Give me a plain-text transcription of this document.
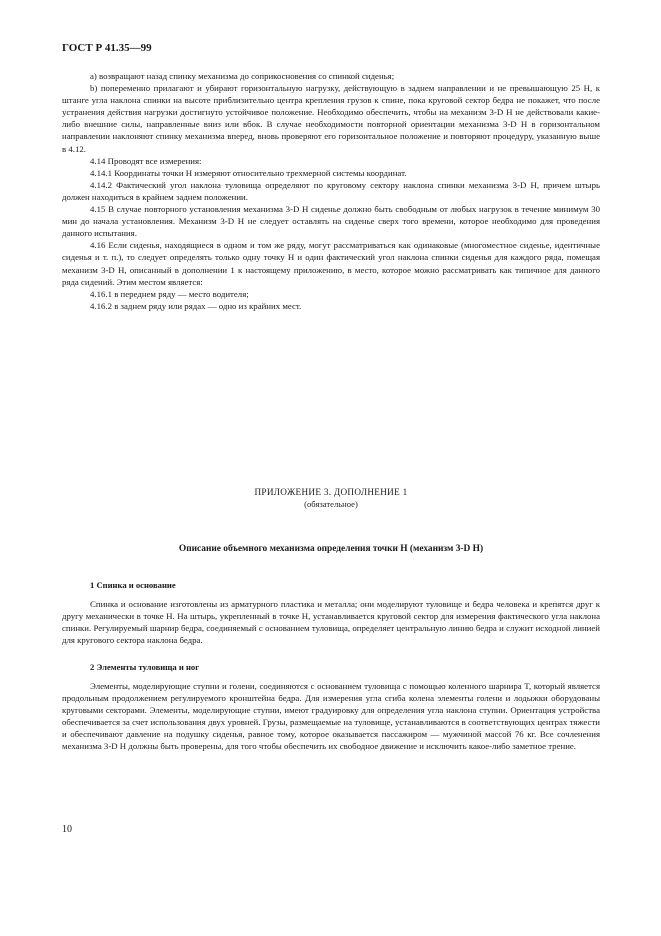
ГОСТ Р 41.35—99

а) возвращают назад спинку механизма до соприкосновения со спинкой сиденья;

b) попеременно прилагают и убирают горизонтальную нагрузку, действующую в заднем направлении и не превышающую 25 Н, к штанге угла наклона спинки на высоте приблизительно центра крепления грузов к спине, пока круговой сектор бедра не покажет, что после устранения действия нагрузки достигнуто устойчивое положение. Необходимо обеспечить, чтобы на механизм 3-D H не действовали какие-либо внешние силы, направленные вниз или вбок. В случае необходимости повторной ориентации механизма 3-D H в горизонтальном направлении наклоняют спинку механизма вперед, вновь проверяют его горизонтальное положение и повторяют процедуру, указанную выше в 4.12.

4.14 Проводят все измерения:

4.14.1 Координаты точки H измеряют относительно трехмерной системы координат.

4.14.2 Фактический угол наклона туловища определяют по круговому сектору наклона спинки механизма 3-D H, причем штырь должен находиться в крайнем заднем положении.

4.15 В случае повторного установления механизма 3-D H сиденье должно быть свободным от любых нагрузок в течение минимум 30 мин до начала установления. Механизм 3-D H не следует оставлять на сиденье сверх того времени, которое необходимо для проведения данного испытания.

4.16 Если сиденья, находящиеся в одном и том же ряду, могут рассматриваться как одинаковые (многоместное сиденье, идентичные сиденья и т. п.), то следует определять только одну точку H и один фактический угол наклона спинки сиденья для каждого ряда, помещая механизм 3-D H, описанный в дополнении 1 к настоящему приложению, в место, которое можно рассматривать как типичное для данного ряда сидений. Этим местом является:

4.16.1 в переднем ряду — место водителя;

4.16.2 в заднем ряду или рядах — одно из крайних мест.

ПРИЛОЖЕНИЕ 3. ДОПОЛНЕНИЕ 1
(обязательное)
Описание объемного механизма определения точки H (механизм 3-D H)
1 Спинка и основание

Спинка и основание изготовлены из арматурного пластика и металла; они моделируют туловище и бедра человека и крепятся друг к другу механически в точке H. На штырь, укрепленный в точке H, устанавливается круговой сектор для измерения фактического угла наклона спинки. Регулируемый шарнир бедра, соединяемый с основанием туловища, определяет центральную линию бедра и служит исходной линией для кругового сектора наклона бедра.

2 Элементы туловища и ног

Элементы, моделирующие ступни и голени, соединяются с основанием туловища с помощью коленного шарнира T, который является продольным продолжением регулируемого кронштейна бедра. Для измерения угла сгиба колена элементы голени и лодыжки оборудованы круговыми секторами. Элементы, моделирующие ступни, имеют градуировку для определения угла наклона ступни. Ориентация устройства обеспечивается за счет использования двух уровней. Грузы, размещаемые на туловище, устанавливаются в соответствующих центрах тяжести и обеспечивают давление на подушку сиденья, равное тому, которое оказывается пассажиром — мужчиной массой 76 кг. Все сочленения механизма 3-D H должны быть проверены, для того чтобы обеспечить их свободное движение и исключить какое-либо заметное трение.

10
